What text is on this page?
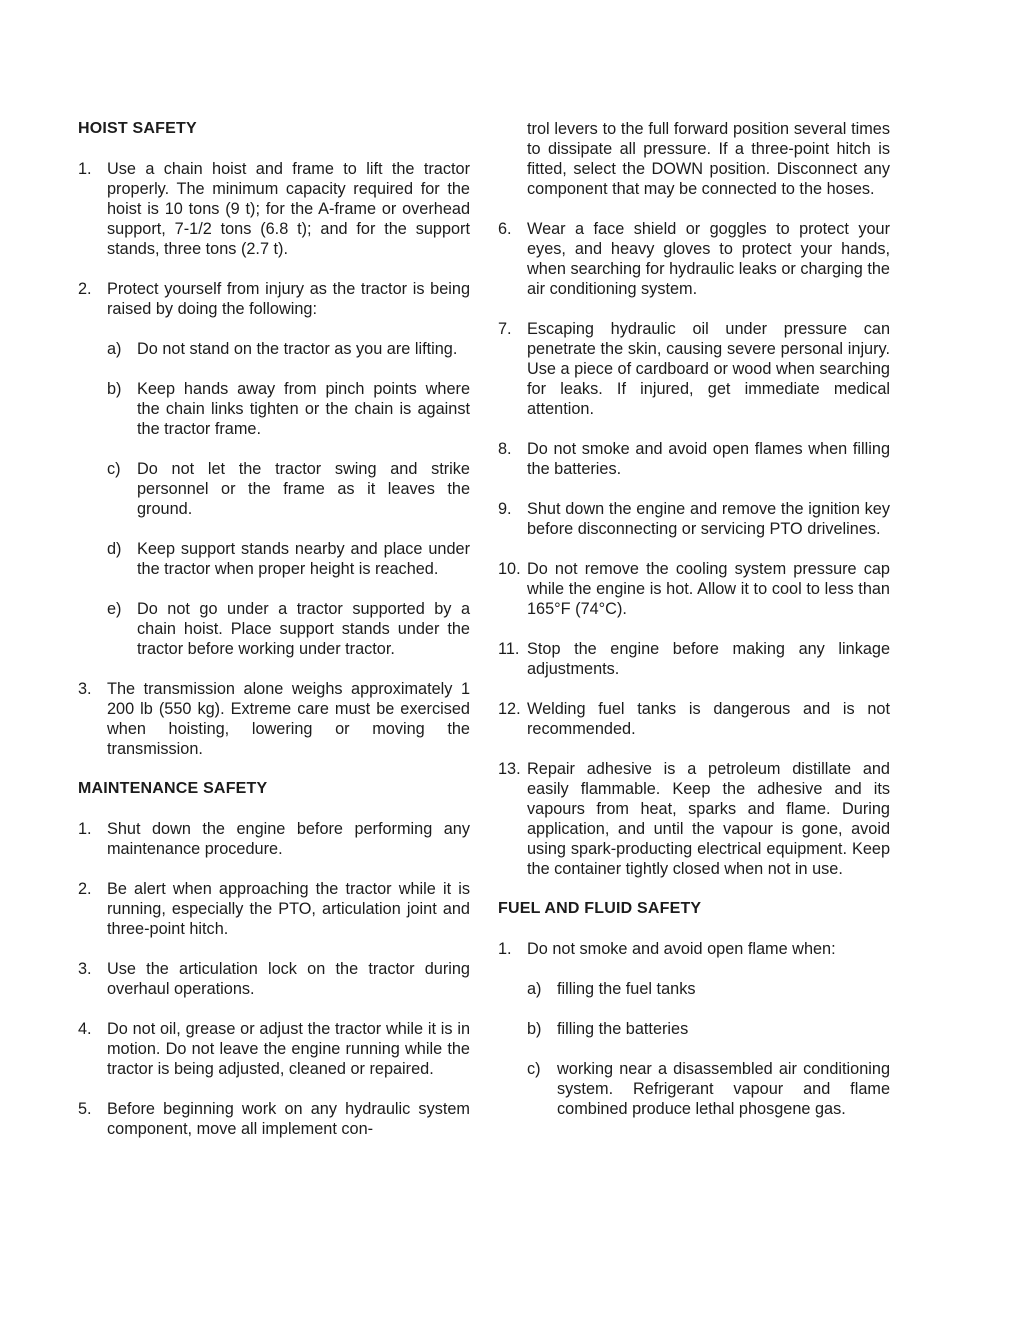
HOIST SAFETY
1. Use a chain hoist and frame to lift the tractor properly. The minimum capacity required for the hoist is 10 tons (9 t); for the A-frame or overhead support, 7-1/2 tons (6.8 t); and for the support stands, three tons (2.7 t).
2. Protect yourself from injury as the tractor is being raised by doing the following:
a) Do not stand on the tractor as you are lifting.
b) Keep hands away from pinch points where the chain links tighten or the chain is against the tractor frame.
c)	Do not let the tractor swing and strike personnel or the frame as it leaves the ground.
d) Keep support stands nearby and place under the tractor when proper height is reached.
e) Do not go under a tractor supported by a chain hoist. Place support stands under the tractor before working under tractor.
3. The transmission alone weighs approximately 1 200 lb (550 kg). Extreme care must be exercised when hoisting, lowering or moving the transmission.
MAINTENANCE SAFETY
1. Shut down the engine before performing any maintenance procedure.
2. Be alert when approaching the tractor while it is running, especially the PTO, articulation joint and three-point hitch.
3. Use the articulation lock on the tractor during overhaul operations.
4. Do not oil, grease or adjust the tractor while it is in motion. Do not leave the engine running while the tractor is being adjusted, cleaned or repaired.
5. Before beginning work on any hydraulic system component, move all implement con-
trol levers to the full forward position several times to dissipate all pressure. If a three-point hitch is fitted, select the DOWN position. Disconnect any component that may be connected to the hoses.
6. Wear a face shield or goggles to protect your eyes, and heavy gloves to protect your hands, when searching for hydraulic leaks or charging the air conditioning system.
7. Escaping hydraulic oil under pressure can penetrate the skin, causing severe personal injury. Use a piece of cardboard or wood when searching for leaks. If injured, get immediate medical attention.
8. Do not smoke and avoid open flames when filling the batteries.
9. Shut down the engine and remove the ignition key before disconnecting or servicing PTO drivelines.
10. Do not remove the cooling system pressure cap while the engine is hot. Allow it to cool to less than 165°F (74°C).
11. Stop the engine before making any linkage adjustments.
12. Welding fuel tanks is dangerous and is not recommended.
13. Repair adhesive is a petroleum distillate and easily flammable. Keep the adhesive and its vapours from heat, sparks and flame. During application, and until the vapour is gone, avoid using spark-producting electrical equipment. Keep the container tightly closed when not in use.
FUEL AND FLUID SAFETY
1. Do not smoke and avoid open flame when:
a) filling the fuel tanks
b) filling the batteries
c)	working near a disassembled air conditioning system. Refrigerant vapour and flame combined produce lethal phosgene gas.
